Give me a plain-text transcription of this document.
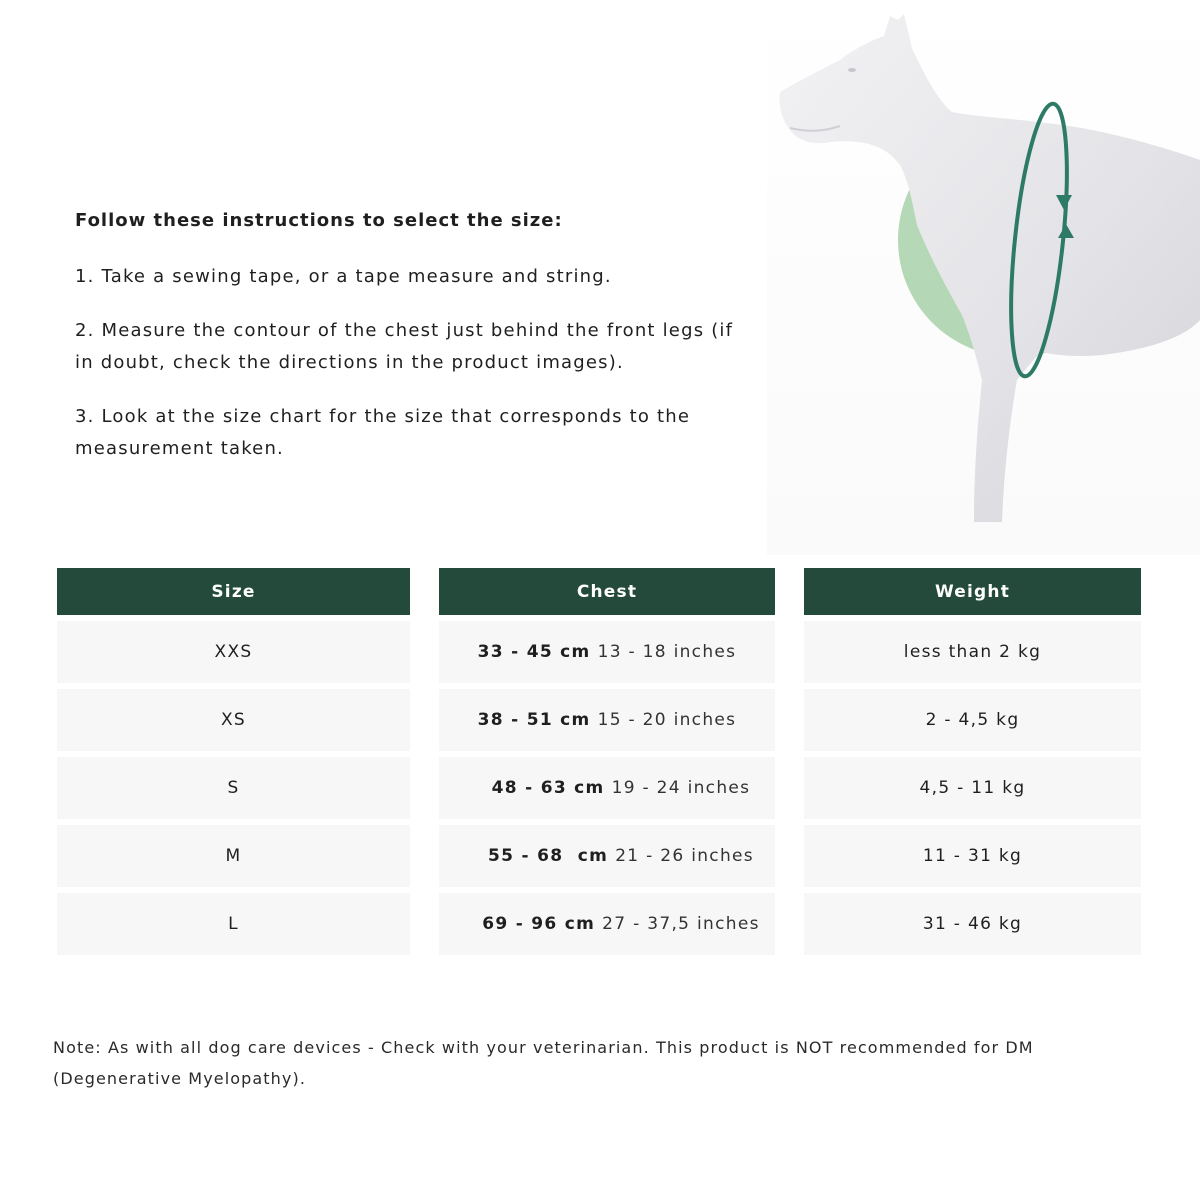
Follow these instructions to select the size:

1. Take a sewing tape, or a tape measure and string.

2. Measure the contour of the chest just behind the front legs (if in doubt, check the directions in the product images).

3. Look at the size chart for the size that corresponds to the measurement taken.

Size
XXS
XS
S
M
L
Chest
33 - 45 cm 13 - 18 inches
38 - 51 cm 15 - 20 inches
48 - 63 cm 19 - 24 inches
55 - 68  cm 21 - 26 inches
69 - 96 cm 27 - 37,5 inches
Weight
less than 2 kg
2 - 4,5 kg
4,5 - 11 kg
11 - 31 kg
31 - 46 kg

Note: As with all dog care devices - Check with your veterinarian. This product is NOT recommended for DM (Degenerative Myelopathy).
